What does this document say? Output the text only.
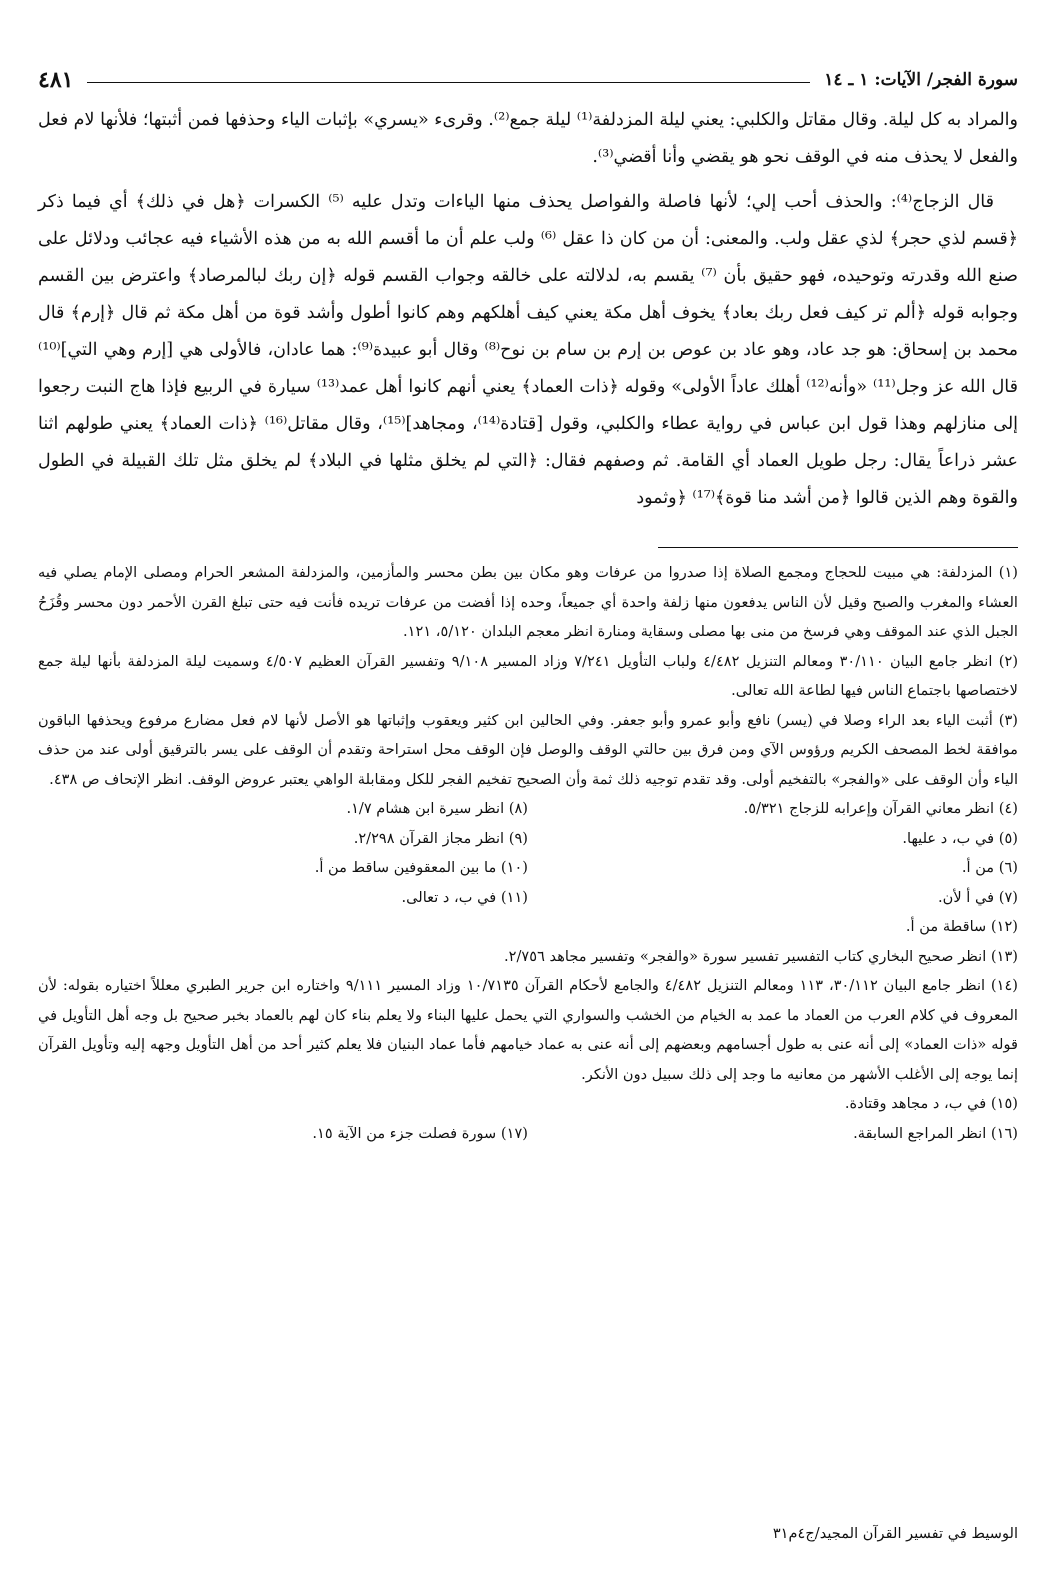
سورة الفجر/ الآيات: ١ ـ ١٤
٤٨١

والمراد به كل ليلة. وقال مقاتل والكلبي: يعني ليلة المزدلفة⁽¹⁾ ليلة جمع⁽²⁾. وقرىء «يسري» بإثبات الياء وحذفها فمن أثبتها؛ فلأنها لام فعل والفعل لا يحذف منه في الوقف نحو هو يقضي وأنا أقضي⁽³⁾.

قال الزجاج⁽⁴⁾: والحذف أحب إلي؛ لأنها فاصلة والفواصل يحذف منها الياءات وتدل عليه ⁽⁵⁾ الكسرات ﴿هل في ذلك﴾ أي فيما ذكر ﴿قسم لذي حجر﴾ لذي عقل ولب. والمعنى: أن من كان ذا عقل ⁽⁶⁾ ولب علم أن ما أقسم الله به من هذه الأشياء فيه عجائب ودلائل على صنع الله وقدرته وتوحيده، فهو حقيق بأن ⁽⁷⁾ يقسم به، لدلالته على خالقه وجواب القسم قوله ﴿إن ربك لبالمرصاد﴾ واعترض بين القسم وجوابه قوله ﴿ألم تر كيف فعل ربك بعاد﴾ يخوف أهل مكة يعني كيف أهلكهم وهم كانوا أطول وأشد قوة من أهل مكة ثم قال ﴿إرم﴾ قال محمد بن إسحاق: هو جد عاد، وهو عاد بن عوص بن إرم بن سام بن نوح⁽⁸⁾ وقال أبو عبيدة⁽⁹⁾: هما عادان، فالأولى هي [إرم وهي التي]⁽¹⁰⁾ قال الله عز وجل⁽¹¹⁾ «وأنه⁽¹²⁾ أهلك عاداً الأولى» وقوله ﴿ذات العماد﴾ يعني أنهم كانوا أهل عمد⁽¹³⁾ سيارة في الربيع فإذا هاج النبت رجعوا إلى منازلهم وهذا قول ابن عباس في رواية عطاء والكلبي، وقول [قتادة⁽¹⁴⁾، ومجاهد]⁽¹⁵⁾، وقال مقاتل⁽¹⁶⁾ ﴿ذات العماد﴾ يعني طولهم اثنا عشر ذراعاً يقال: رجل طويل العماد أي القامة. ثم وصفهم فقال: ﴿التي لم يخلق مثلها في البلاد﴾ لم يخلق مثل تلك القبيلة في الطول والقوة وهم الذين قالوا ﴿من أشد منا قوة﴾⁽¹⁷⁾ ﴿وثمود

(١) المزدلفة: هي مبيت للحجاج ومجمع الصلاة إذا صدروا من عرفات وهو مكان بين بطن محسر والمأزمين، والمزدلفة المشعر الحرام ومصلى الإمام يصلي فيه العشاء والمغرب والصبح وقيل لأن الناس يدفعون منها زلفة واحدة أي جميعاً، وحده إذا أفضت من عرفات تريده فأنت فيه حتى تبلغ القرن الأحمر دون محسر وقُزَحُ الجبل الذي عند الموقف وهي فرسخ من منى بها مصلى وسقاية ومنارة انظر معجم البلدان ٥/١٢٠، ١٢١.

(٢) انظر جامع البيان ٣٠/١١٠ ومعالم التنزيل ٤/٤٨٢ ولباب التأويل ٧/٢٤١ وزاد المسير ٩/١٠٨ وتفسير القرآن العظيم ٤/٥٠٧ وسميت ليلة المزدلفة بأنها ليلة جمع لاختصاصها باجتماع الناس فيها لطاعة الله تعالى.

(٣) أثبت الياء بعد الراء وصلا في (يسر) نافع وأبو عمرو وأبو جعفر. وفي الحالين ابن كثير ويعقوب وإثباتها هو الأصل لأنها لام فعل مضارع مرفوع ويحذفها الباقون موافقة لخط المصحف الكريم ورؤوس الآي ومن فرق بين حالتي الوقف والوصل فإن الوقف محل استراحة وتقدم أن الوقف على يسر بالترقيق أولى عند من حذف الياء وأن الوقف على «والفجر» بالتفخيم أولى. وقد تقدم توجيه ذلك ثمة وأن الصحيح تفخيم الفجر للكل ومقابلة الواهي يعتبر عروض الوقف. انظر الإتحاف ص ٤٣٨.

(٤) انظر معاني القرآن وإعرابه للزجاج ٥/٣٢١.

(٨) انظر سيرة ابن هشام ١/٧.

(٥) في ب، د عليها.

(٩) انظر مجاز القرآن ٢/٢٩٨.

(٦) من أ.

(١٠) ما بين المعقوفين ساقط من أ.

(٧) في أ لأن.

(١١) في ب، د تعالى.

(١٢) ساقطة من أ.

(١٣) انظر صحيح البخاري كتاب التفسير تفسير سورة «والفجر» وتفسير مجاهد ٢/٧٥٦.

(١٤) انظر جامع البيان ٣٠/١١٢، ١١٣ ومعالم التنزيل ٤/٤٨٢ والجامع لأحكام القرآن ١٠/٧١٣٥ وزاد المسير ٩/١١١ واختاره ابن جرير الطبري معللاً اختياره بقوله: لأن المعروف في كلام العرب من العماد ما عمد به الخيام من الخشب والسواري التي يحمل عليها البناء ولا يعلم بناء كان لهم بالعماد بخبر صحيح بل وجه أهل التأويل في قوله «ذات العماد» إلى أنه عنى به طول أجسامهم وبعضهم إلى أنه عنى به عماد خيامهم فأما عماد البنيان فلا يعلم كثير أحد من أهل التأويل وجهه إليه وتأويل القرآن إنما يوجه إلى الأغلب الأشهر من معانيه ما وجد إلى ذلك سبيل دون الأنكر.

(١٥) في ب، د مجاهد وقتادة.

(١٦) انظر المراجع السابقة.

(١٧) سورة فصلت جزء من الآية ١٥.

الوسيط في تفسير القرآن المجيد/ج٤م٣١
